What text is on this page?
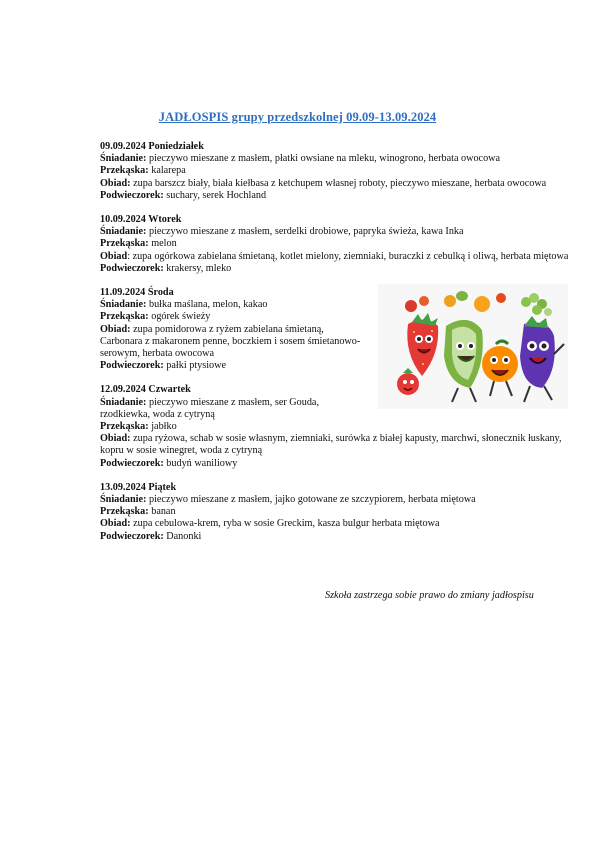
JADŁOSPIS grupy przedszkolnej 09.09-13.09.2024
09.09.2024 Poniedziałek
Śniadanie: pieczywo mieszane z masłem, płatki owsiane na mleku, winogrono, herbata owocowa
Przekąska: kalarepa
Obiad: zupa barszcz biały, biała kiełbasa z ketchupem własnej roboty, pieczywo mieszane, herbata owocowa
Podwieczorek: suchary, serek Hochland
10.09.2024 Wtorek
Śniadanie: pieczywo mieszane z masłem, serdelki drobiowe, papryka świeża, kawa Inka
Przekąska: melon
Obiad: zupa ogórkowa zabielana śmietaną, kotlet mielony, ziemniaki, buraczki z cebulką i oliwą, herbata miętowa
Podwieczorek: krakersy, mleko
11.09.2024 Środa
Śniadanie: bułka maślana, melon, kakao
Przekąska: ogórek świeży
Obiad: zupa pomidorowa z ryżem zabielana śmietaną, Carbonara z makaronem penne, boczkiem i sosem śmietanowo-serowym, herbata owocowa
Podwieczorek: pałki ptysiowe
12.09.2024 Czwartek
Śniadanie: pieczywo mieszane z masłem, ser Gouda, rzodkiewka, woda z cytryną
Przekąska: jabłko
Obiad: zupa ryżowa, schab w sosie własnym, ziemniaki, surówka z białej kapusty, marchwi, słonecznik łuskany, kopru w sosie winegret, woda z cytryną
Podwieczorek: budyń waniliowy
13.09.2024 Piątek
Śniadanie: pieczywo mieszane z masłem, jajko gotowane ze szczypiorem, herbata miętowa
Przekąska: banan
Obiad: zupa cebulowa-krem, ryba w sosie Greckim, kasza bulgur herbata miętowa
Podwieczorek: Danonki
Szkoła zastrzega sobie prawo do zmiany jadłospisu
